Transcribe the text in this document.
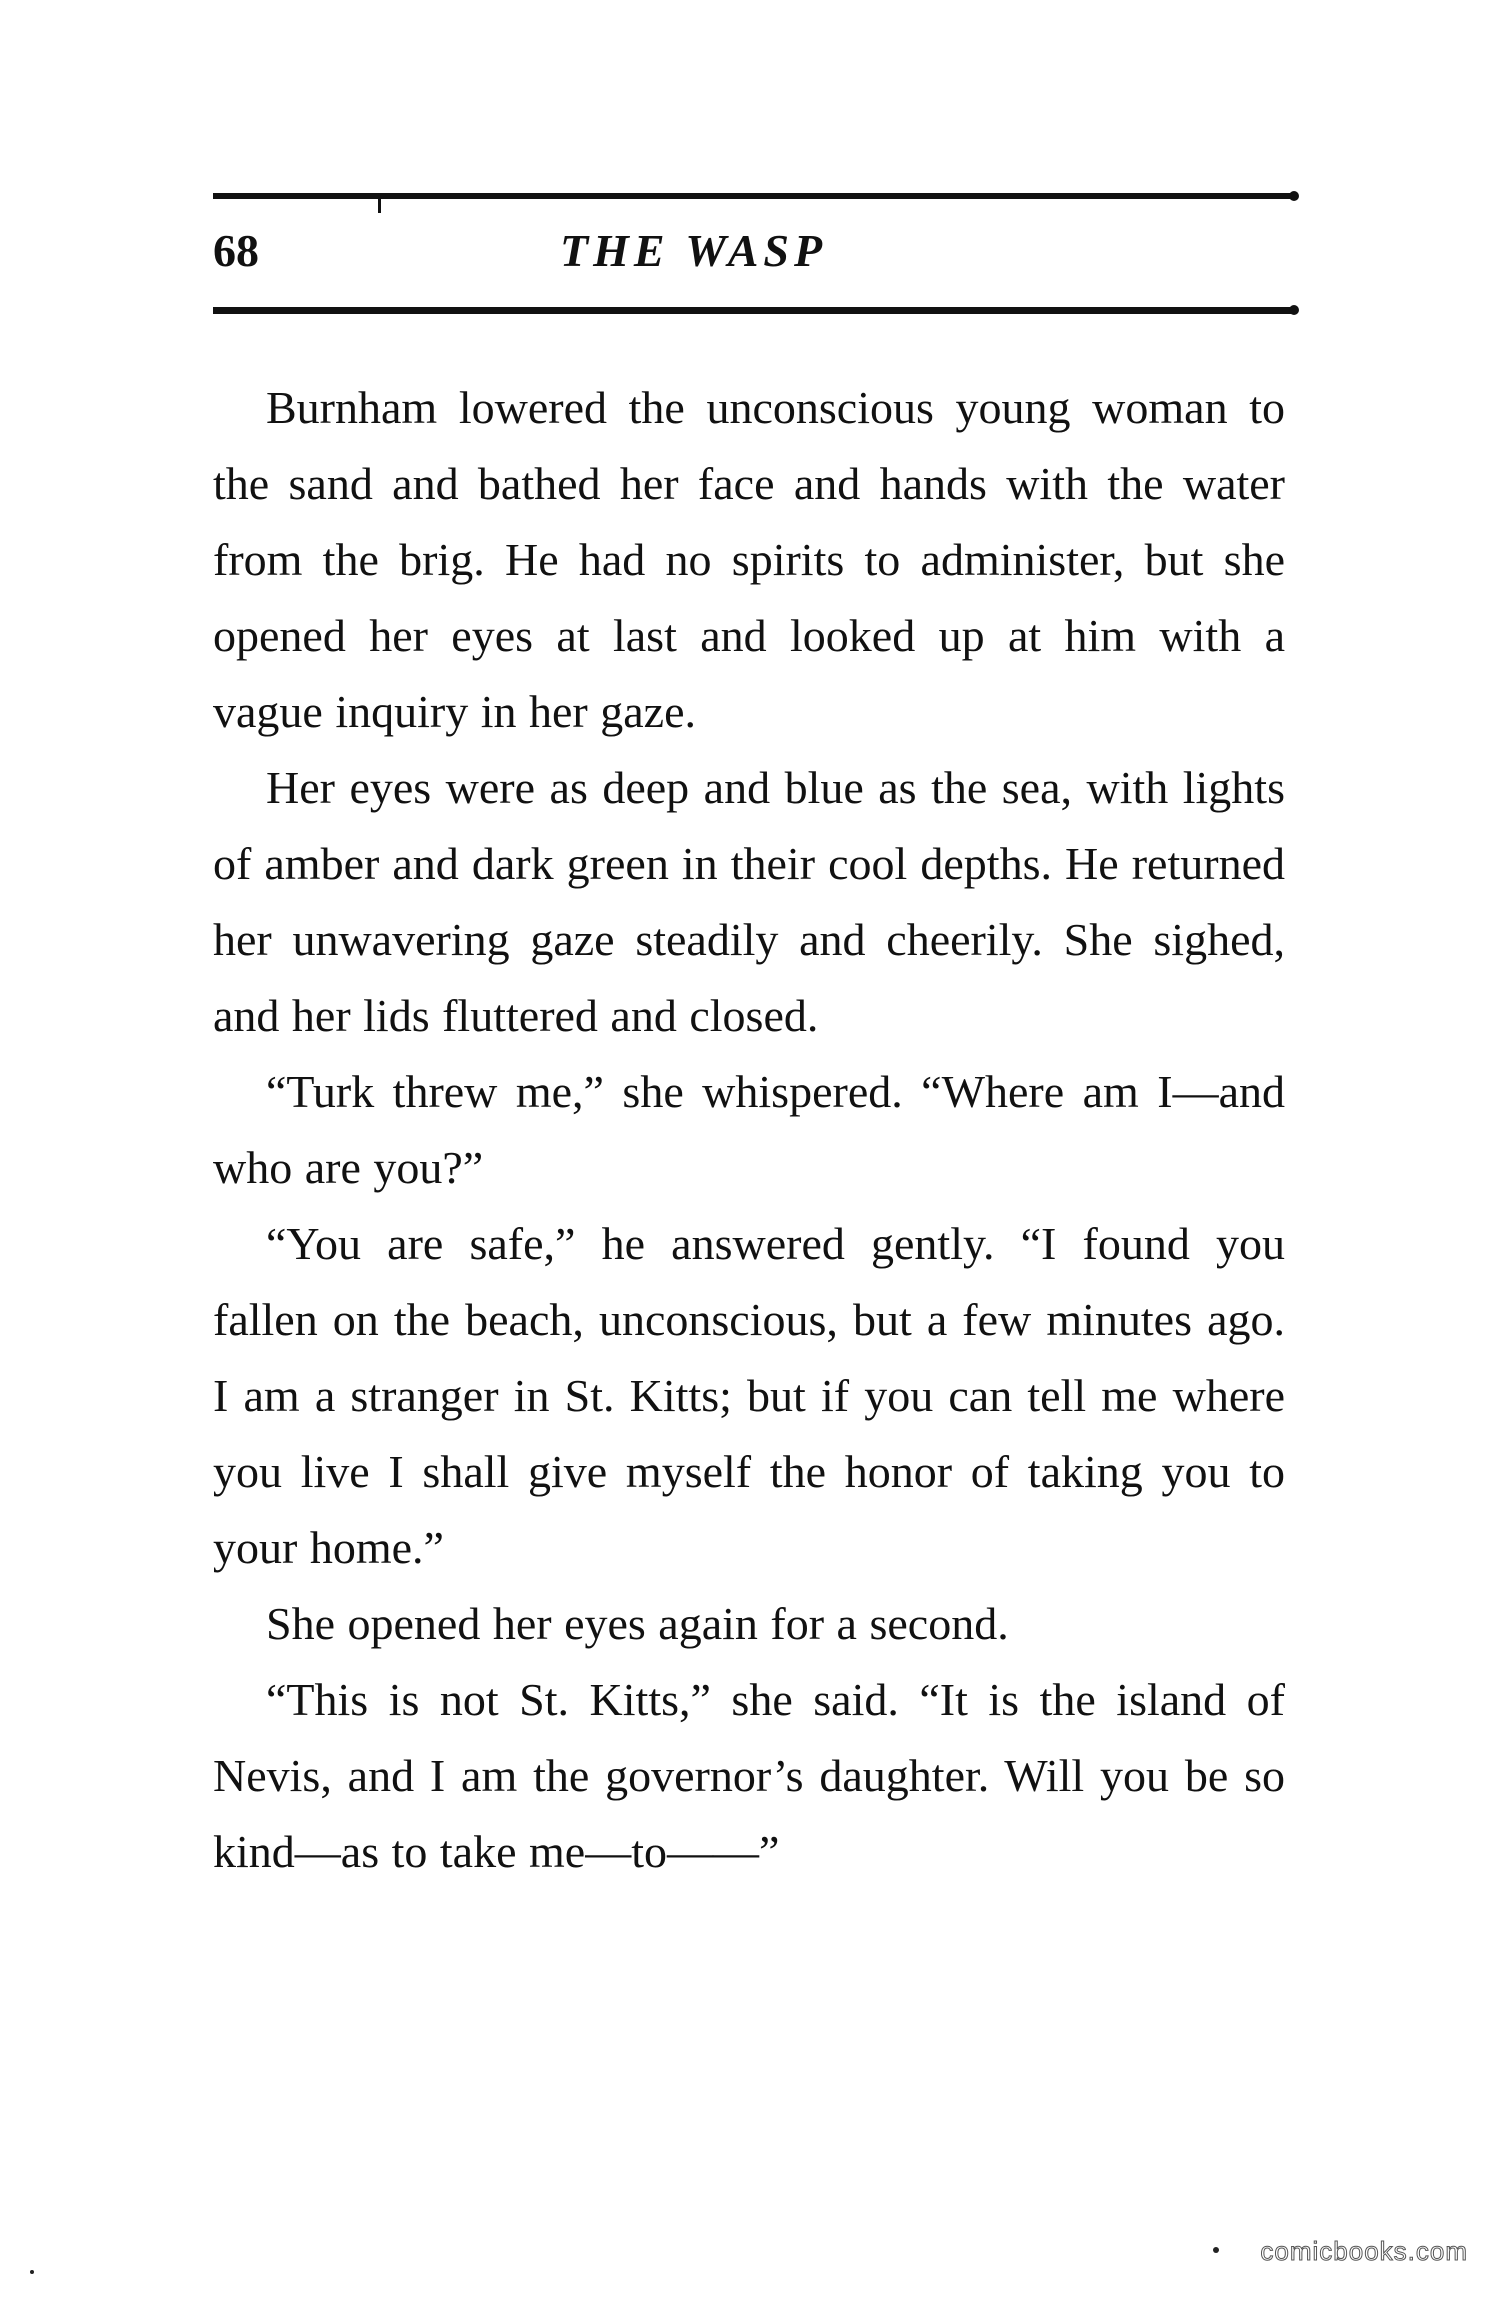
68	THE WASP

Burnham lowered the unconscious young woman to the sand and bathed her face and hands with the water from the brig. He had no spirits to administer, but she opened her eyes at last and looked up at him with a vague inquiry in her gaze.

Her eyes were as deep and blue as the sea, with lights of amber and dark green in their cool depths. He returned her unwavering gaze steadily and cheerily. She sighed, and her lids fluttered and closed.

“Turk threw me,” she whispered. “Where am I—and who are you?”

“You are safe,” he answered gently. “I found you fallen on the beach, unconscious, but a few minutes ago. I am a stranger in St. Kitts; but if you can tell me where you live I shall give myself the honor of taking you to your home.”

She opened her eyes again for a second.

“This is not St. Kitts,” she said. “It is the island of Nevis, and I am the governor’s daughter. Will you be so kind—as to take me—to——”

comicbooks.com
